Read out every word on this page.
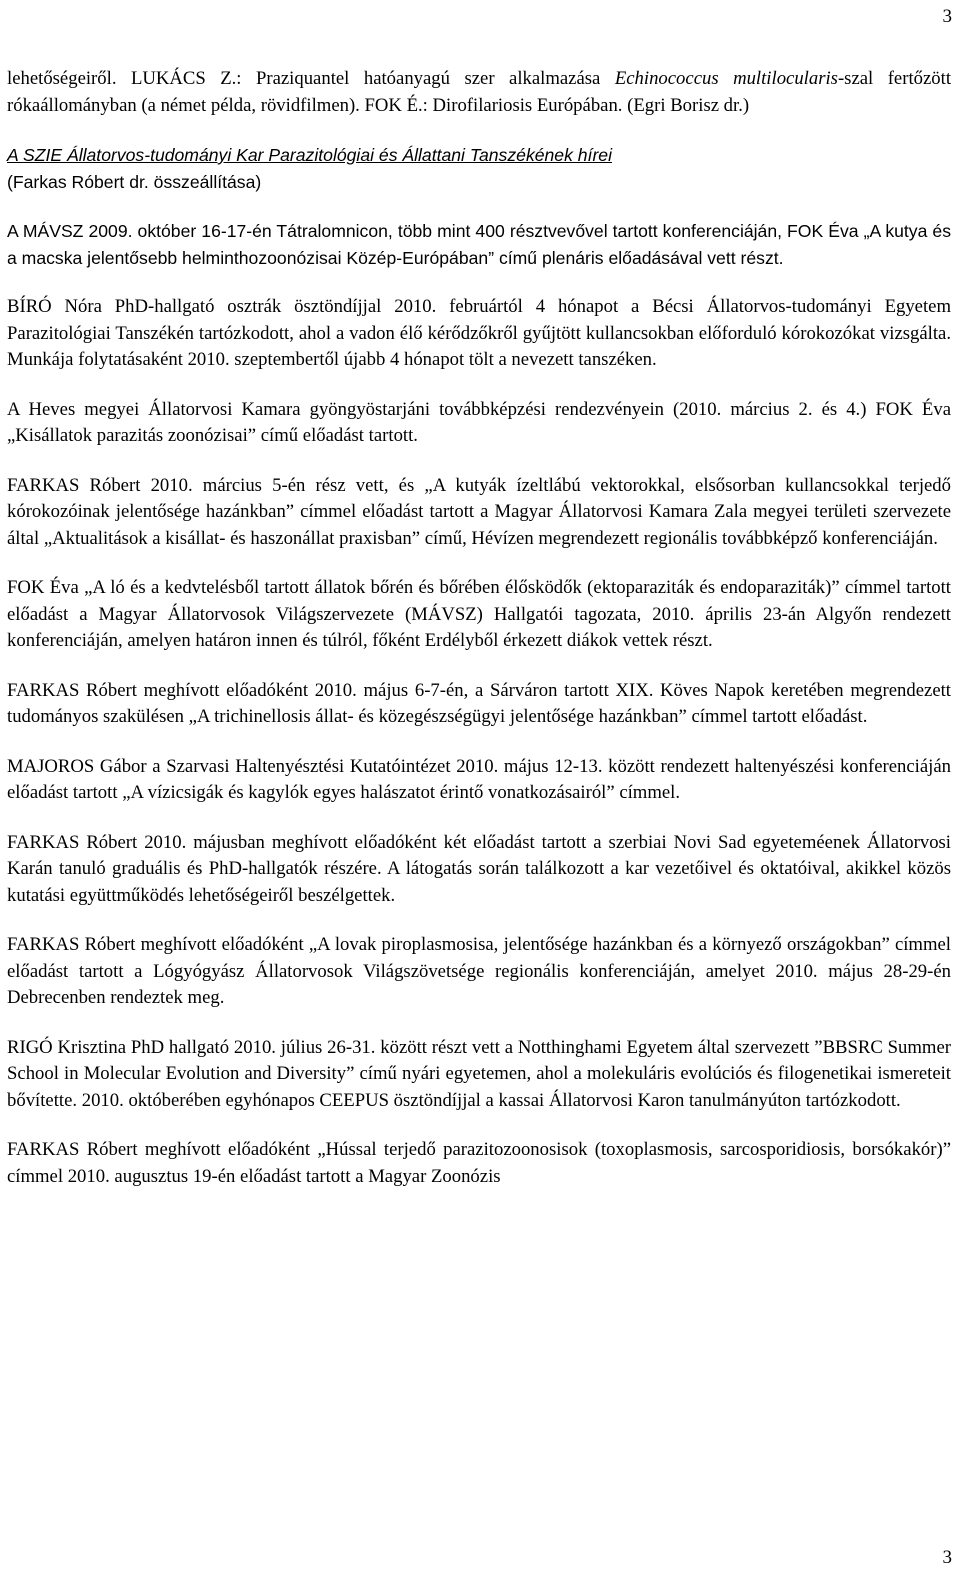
3

lehetőségeiről. LUKÁCS Z.: Praziquantel hatóanyagú szer alkalmazása Echinococcus multilocularis-szal fertőzött rókaállományban (a német példa, rövidfilmen). FOK É.: Dirofilariosis Európában. (Egri Borisz dr.)

A SZIE Állatorvos-tudományi Kar Parazitológiai és Állattani Tanszékének hírei
(Farkas Róbert dr. összeállítása)

A MÁVSZ 2009. október 16-17-én Tátralomnicon, több mint 400 résztvevővel tartott konferenciáján, FOK Éva „A kutya és a macska jelentősebb helminthozoonózisai Közép-Európában” című plenáris előadásával vett részt.

BÍRÓ Nóra PhD-hallgató osztrák ösztöndíjjal 2010. februártól 4 hónapot a Bécsi Állatorvos-tudományi Egyetem Parazitológiai Tanszékén tartózkodott, ahol a vadon élő kérődzőkről gyűjtött kullancsokban előforduló kórokozókat vizsgálta. Munkája folytatásaként 2010. szeptembertől újabb 4 hónapot tölt a nevezett tanszéken.

A Heves megyei Állatorvosi Kamara gyöngyöstarjáni továbbképzési rendezvényein (2010. március 2. és 4.) FOK Éva „Kisállatok parazitás zoonózisai” című előadást tartott.

FARKAS Róbert 2010. március 5-én rész vett, és „A kutyák ízeltlábú vektorokkal, elsősorban kullancsokkal terjedő kórokozóinak jelentősége hazánkban” címmel előadást tartott a Magyar Állatorvosi Kamara Zala megyei területi szervezete által „Aktualitások a kisállat- és haszonállat praxisban” című, Hévízen megrendezett regionális továbbképző konferenciáján.

FOK Éva „A ló és a kedvtelésből tartott állatok bőrén és bőrében élősködők (ektoparaziták és endoparaziták)” címmel tartott előadást a Magyar Állatorvosok Világszervezete (MÁVSZ) Hallgatói tagozata, 2010. április 23-án Algyőn rendezett konferenciáján, amelyen határon innen és túlról, főként Erdélyből érkezett diákok vettek részt.

FARKAS Róbert meghívott előadóként 2010. május 6-7-én, a Sárváron tartott XIX. Köves Napok keretében megrendezett tudományos szakülésen „A trichinellosis állat- és közegészségügyi jelentősége hazánkban” címmel tartott előadást.

MAJOROS Gábor a Szarvasi Haltenyésztési Kutatóintézet 2010. május 12-13. között rendezett haltenyészési konferenciáján előadást tartott „A vízicsigák és kagylók egyes halászatot érintő vonatkozásairól” címmel.

FARKAS Róbert 2010. májusban meghívott előadóként két előadást tartott a szerbiai Novi Sad egyeteméenek Állatorvosi Karán tanuló graduális és PhD-hallgatók részére. A látogatás során találkozott a kar vezetőivel és oktatóival, akikkel közös kutatási együttműködés lehetőségeiről beszélgettek.

FARKAS Róbert meghívott előadóként „A lovak piroplasmosisa, jelentősége hazánkban és a környező országokban” címmel előadást tartott a Lógyógyász Állatorvosok Világszövetsége regionális konferenciáján, amelyet 2010. május 28-29-én Debrecenben rendeztek meg.

RIGÓ Krisztina PhD hallgató 2010. július 26-31. között részt vett a Notthinghami Egyetem által szervezett ”BBSRC Summer School in Molecular Evolution and Diversity” című nyári egyetemen, ahol a molekuláris evolúciós és filogenetikai ismereteit bővítette. 2010. októberében egyhónapos CEEPUS ösztöndíjjal a kassai Állatorvosi Karon tanulmányúton tartózkodott.

FARKAS Róbert meghívott előadóként „Hússal terjedő parazitozoonosisok (toxoplasmosis, sarcosporidiosis, borsókakór)” címmel 2010. augusztus 19-én előadást tartott a Magyar Zoonózis

3
